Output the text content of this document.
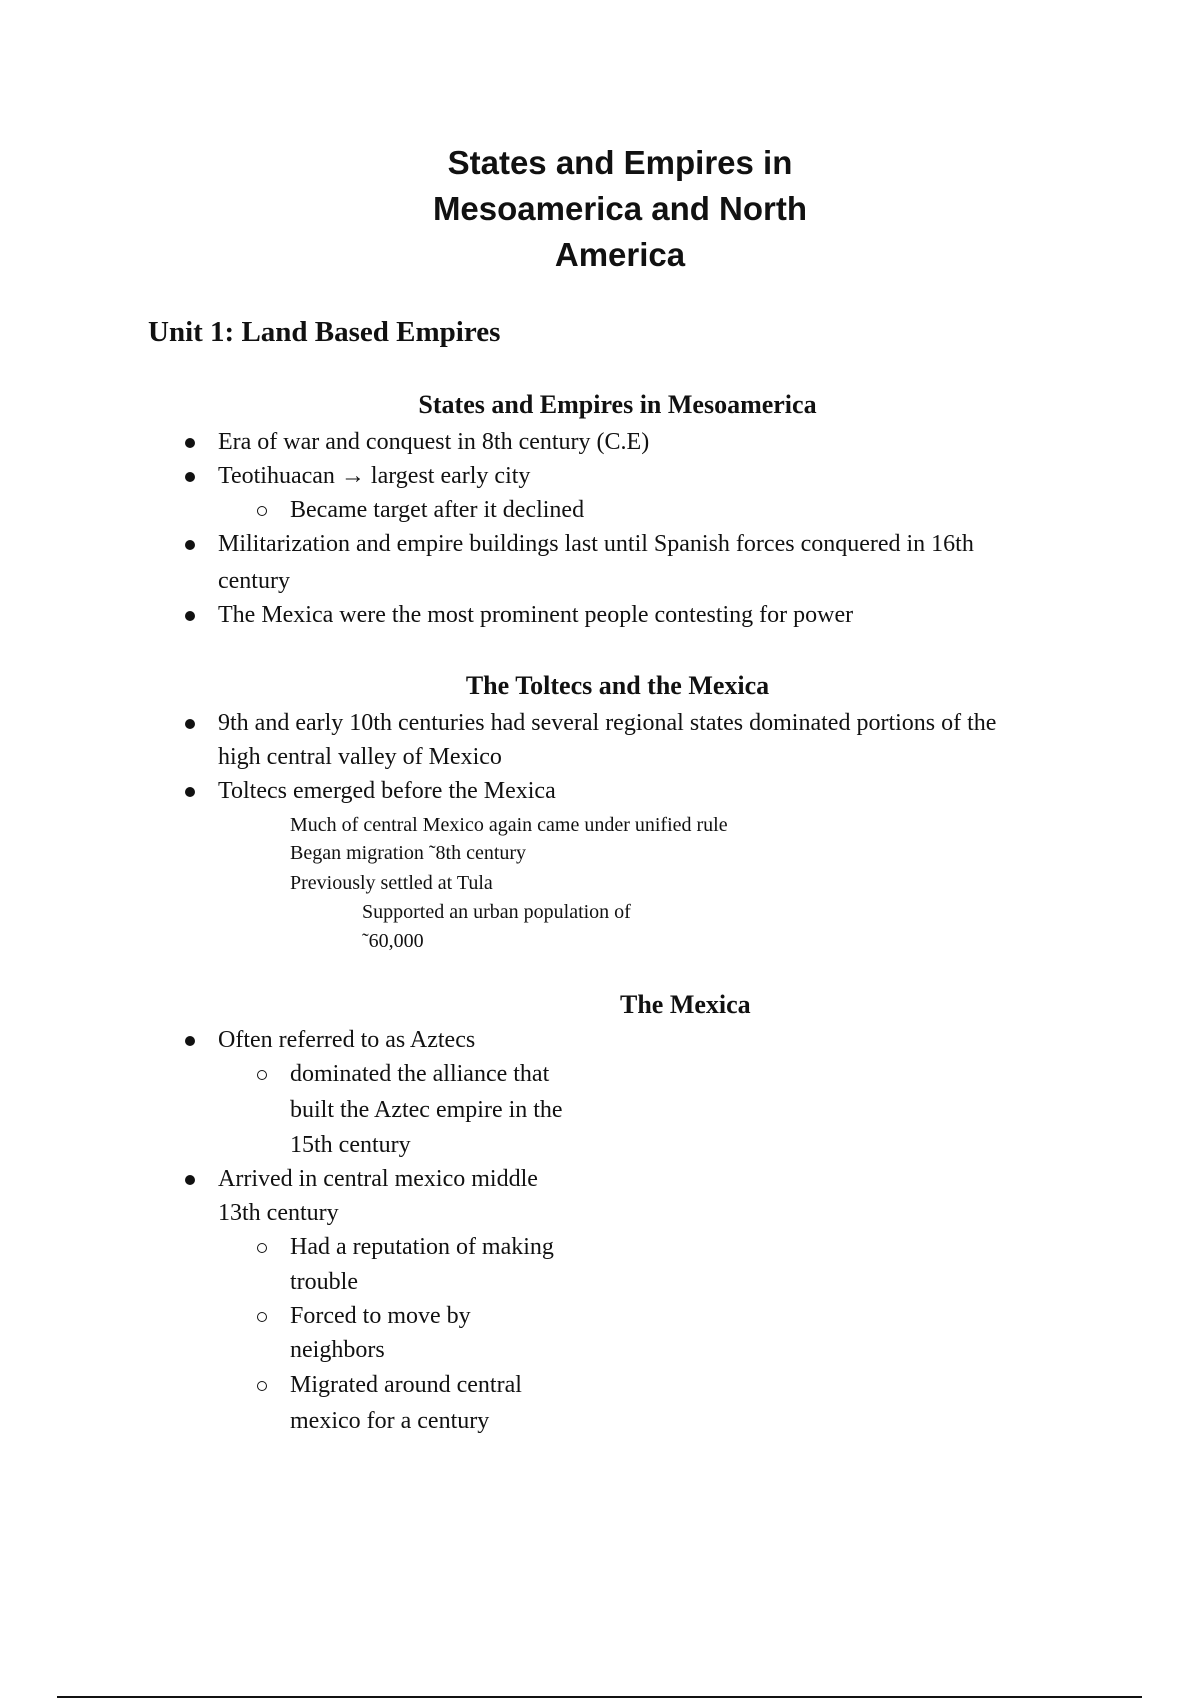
States and Empires in
Mesoamerica and North
America
Unit 1: Land Based Empires
States and Empires in Mesoamerica

Era of war and conquest in 8th century (C.E)

Teotihuacan → largest early city

Became target after it declined

Militarization and empire buildings last until Spanish forces conquered in 16th

century

The Mexica were the most prominent people contesting for power

The Toltecs and the Mexica

9th and early 10th centuries had several regional states dominated portions of the

high central valley of Mexico

Toltecs emerged before the Mexica

Much of central Mexico again came under unified rule

Began migration ˜8th century

Previously settled at Tula

Supported an urban population of

˜60,000

The Mexica

Often referred to as Aztecs

dominated the alliance that

built the Aztec empire in the

15th century

Arrived in central mexico middle

13th century

Had a reputation of making

trouble

Forced to move by

neighbors

Migrated around central

mexico for a century
